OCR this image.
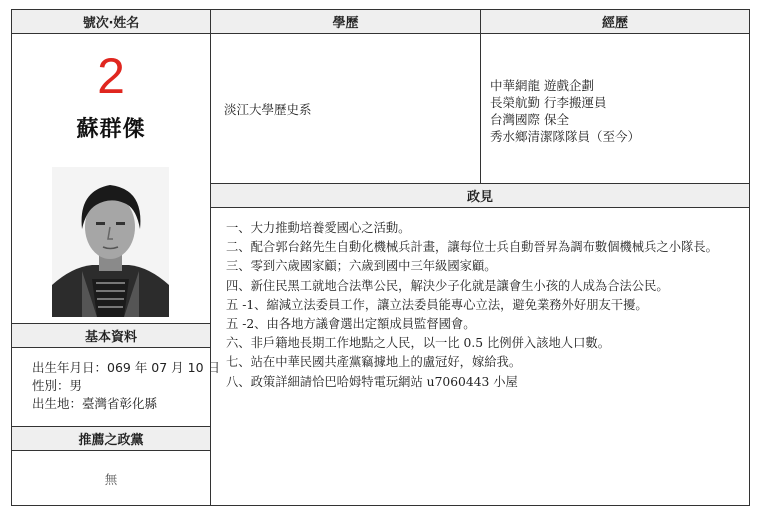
號次‧姓名
2
蘇群傑
基本資料
出生年月日：069 年 07 月 10 日
性別：男
出生地：臺灣省彰化縣
推薦之政黨
無
學歷
淡江大學歷史系
經歷
中華網龍 遊戲企劃
長榮航勤 行李搬運員
台灣國際 保全
秀水鄉清潔隊隊員（至今）
政見
一、大力推動培養愛國心之活動。
二、配合郭台銘先生自動化機械兵計畫，讓每位士兵自動晉昇為調布數個機械兵之小隊長。
三、零到六歲國家顧；六歲到國中三年級國家顧。
四、新住民黑工就地合法準公民，解決少子化就是讓會生小孩的人成為合法公民。
五 -1、縮減立法委員工作，讓立法委員能專心立法，避免業務外好朋友干擾。
五 -2、由各地方議會選出定額成員監督國會。
六、非戶籍地長期工作地點之人民，以一比 0.5 比例併入該地人口數。
七、站在中華民國共產黨竊據地上的盧冠好，嫁給我。
八、政策詳細請恰巴哈姆特電玩網站 u7060443 小屋
